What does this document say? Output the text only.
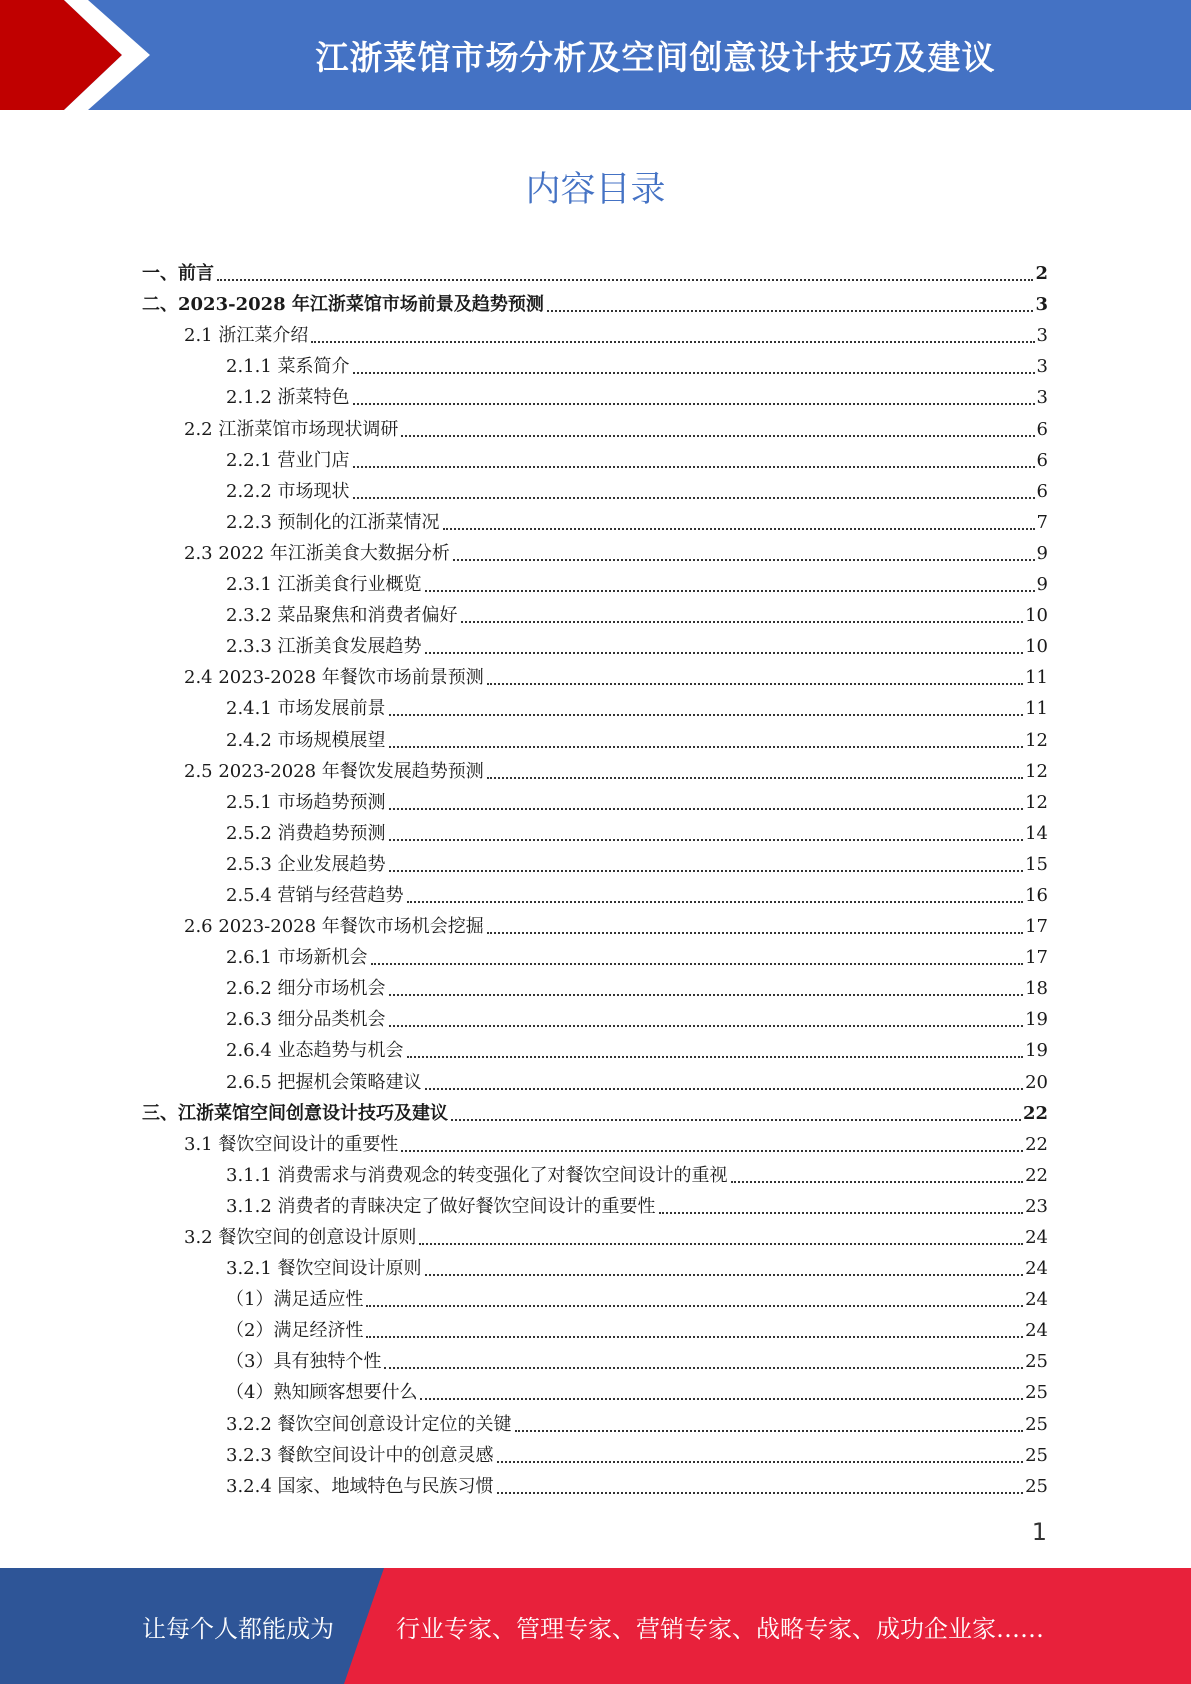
江浙菜馆市场分析及空间创意设计技巧及建议
内容目录
一、前言	2
二、2023-2028 年江浙菜馆市场前景及趋势预测	3
2.1 浙江菜介绍	3
2.1.1 菜系简介	3
2.1.2 浙菜特色	3
2.2 江浙菜馆市场现状调研	6
2.2.1 营业门店	6
2.2.2 市场现状	6
2.2.3 预制化的江浙菜情况	7
2.3 2022 年江浙美食大数据分析	9
2.3.1 江浙美食行业概览	9
2.3.2 菜品聚焦和消费者偏好	10
2.3.3 江浙美食发展趋势	10
2.4 2023-2028 年餐饮市场前景预测	11
2.4.1 市场发展前景	11
2.4.2 市场规模展望	12
2.5 2023-2028 年餐饮发展趋势预测	12
2.5.1 市场趋势预测	12
2.5.2 消费趋势预测	14
2.5.3 企业发展趋势	15
2.5.4 营销与经营趋势	16
2.6 2023-2028 年餐饮市场机会挖掘	17
2.6.1 市场新机会	17
2.6.2 细分市场机会	18
2.6.3 细分品类机会	19
2.6.4 业态趋势与机会	19
2.6.5 把握机会策略建议	20
三、江浙菜馆空间创意设计技巧及建议	22
3.1 餐饮空间设计的重要性	22
3.1.1 消费需求与消费观念的转变强化了对餐饮空间设计的重视	22
3.1.2 消费者的青睐决定了做好餐饮空间设计的重要性	23
3.2 餐饮空间的创意设计原则	24
3.2.1 餐饮空间设计原则	24
（1）满足适应性	24
（2）满足经济性	24
（3）具有独特个性	25
（4）熟知顾客想要什么	25
3.2.2 餐饮空间创意设计定位的关键	25
3.2.3 餐飲空间设计中的创意灵感	25
3.2.4 国家、地域特色与民族习惯	25
1
让每个人都能成为	行业专家、管理专家、营销专家、战略专家、成功企业家……
